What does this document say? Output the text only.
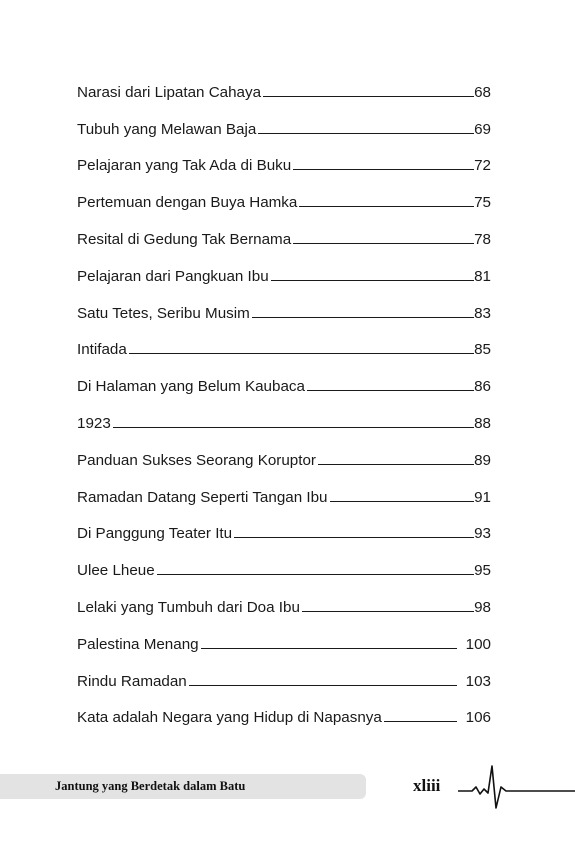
Narasi dari Lipatan Cahaya	68
Tubuh yang Melawan Baja	69
Pelajaran yang Tak Ada di Buku	72
Pertemuan dengan Buya Hamka	75
Resital di Gedung Tak Bernama	78
Pelajaran dari Pangkuan Ibu	81
Satu Tetes, Seribu Musim	83
Intifada	85
Di Halaman yang Belum Kaubaca	86
1923	88
Panduan Sukses Seorang Koruptor	89
Ramadan Datang Seperti Tangan Ibu	91
Di Panggung Teater Itu	93
Ulee Lheue	95
Lelaki yang Tumbuh dari Doa Ibu	98
Palestina Menang	100
Rindu Ramadan	103
Kata adalah Negara yang Hidup di Napasnya	106
Jantung yang Berdetak dalam Batu	xliii
